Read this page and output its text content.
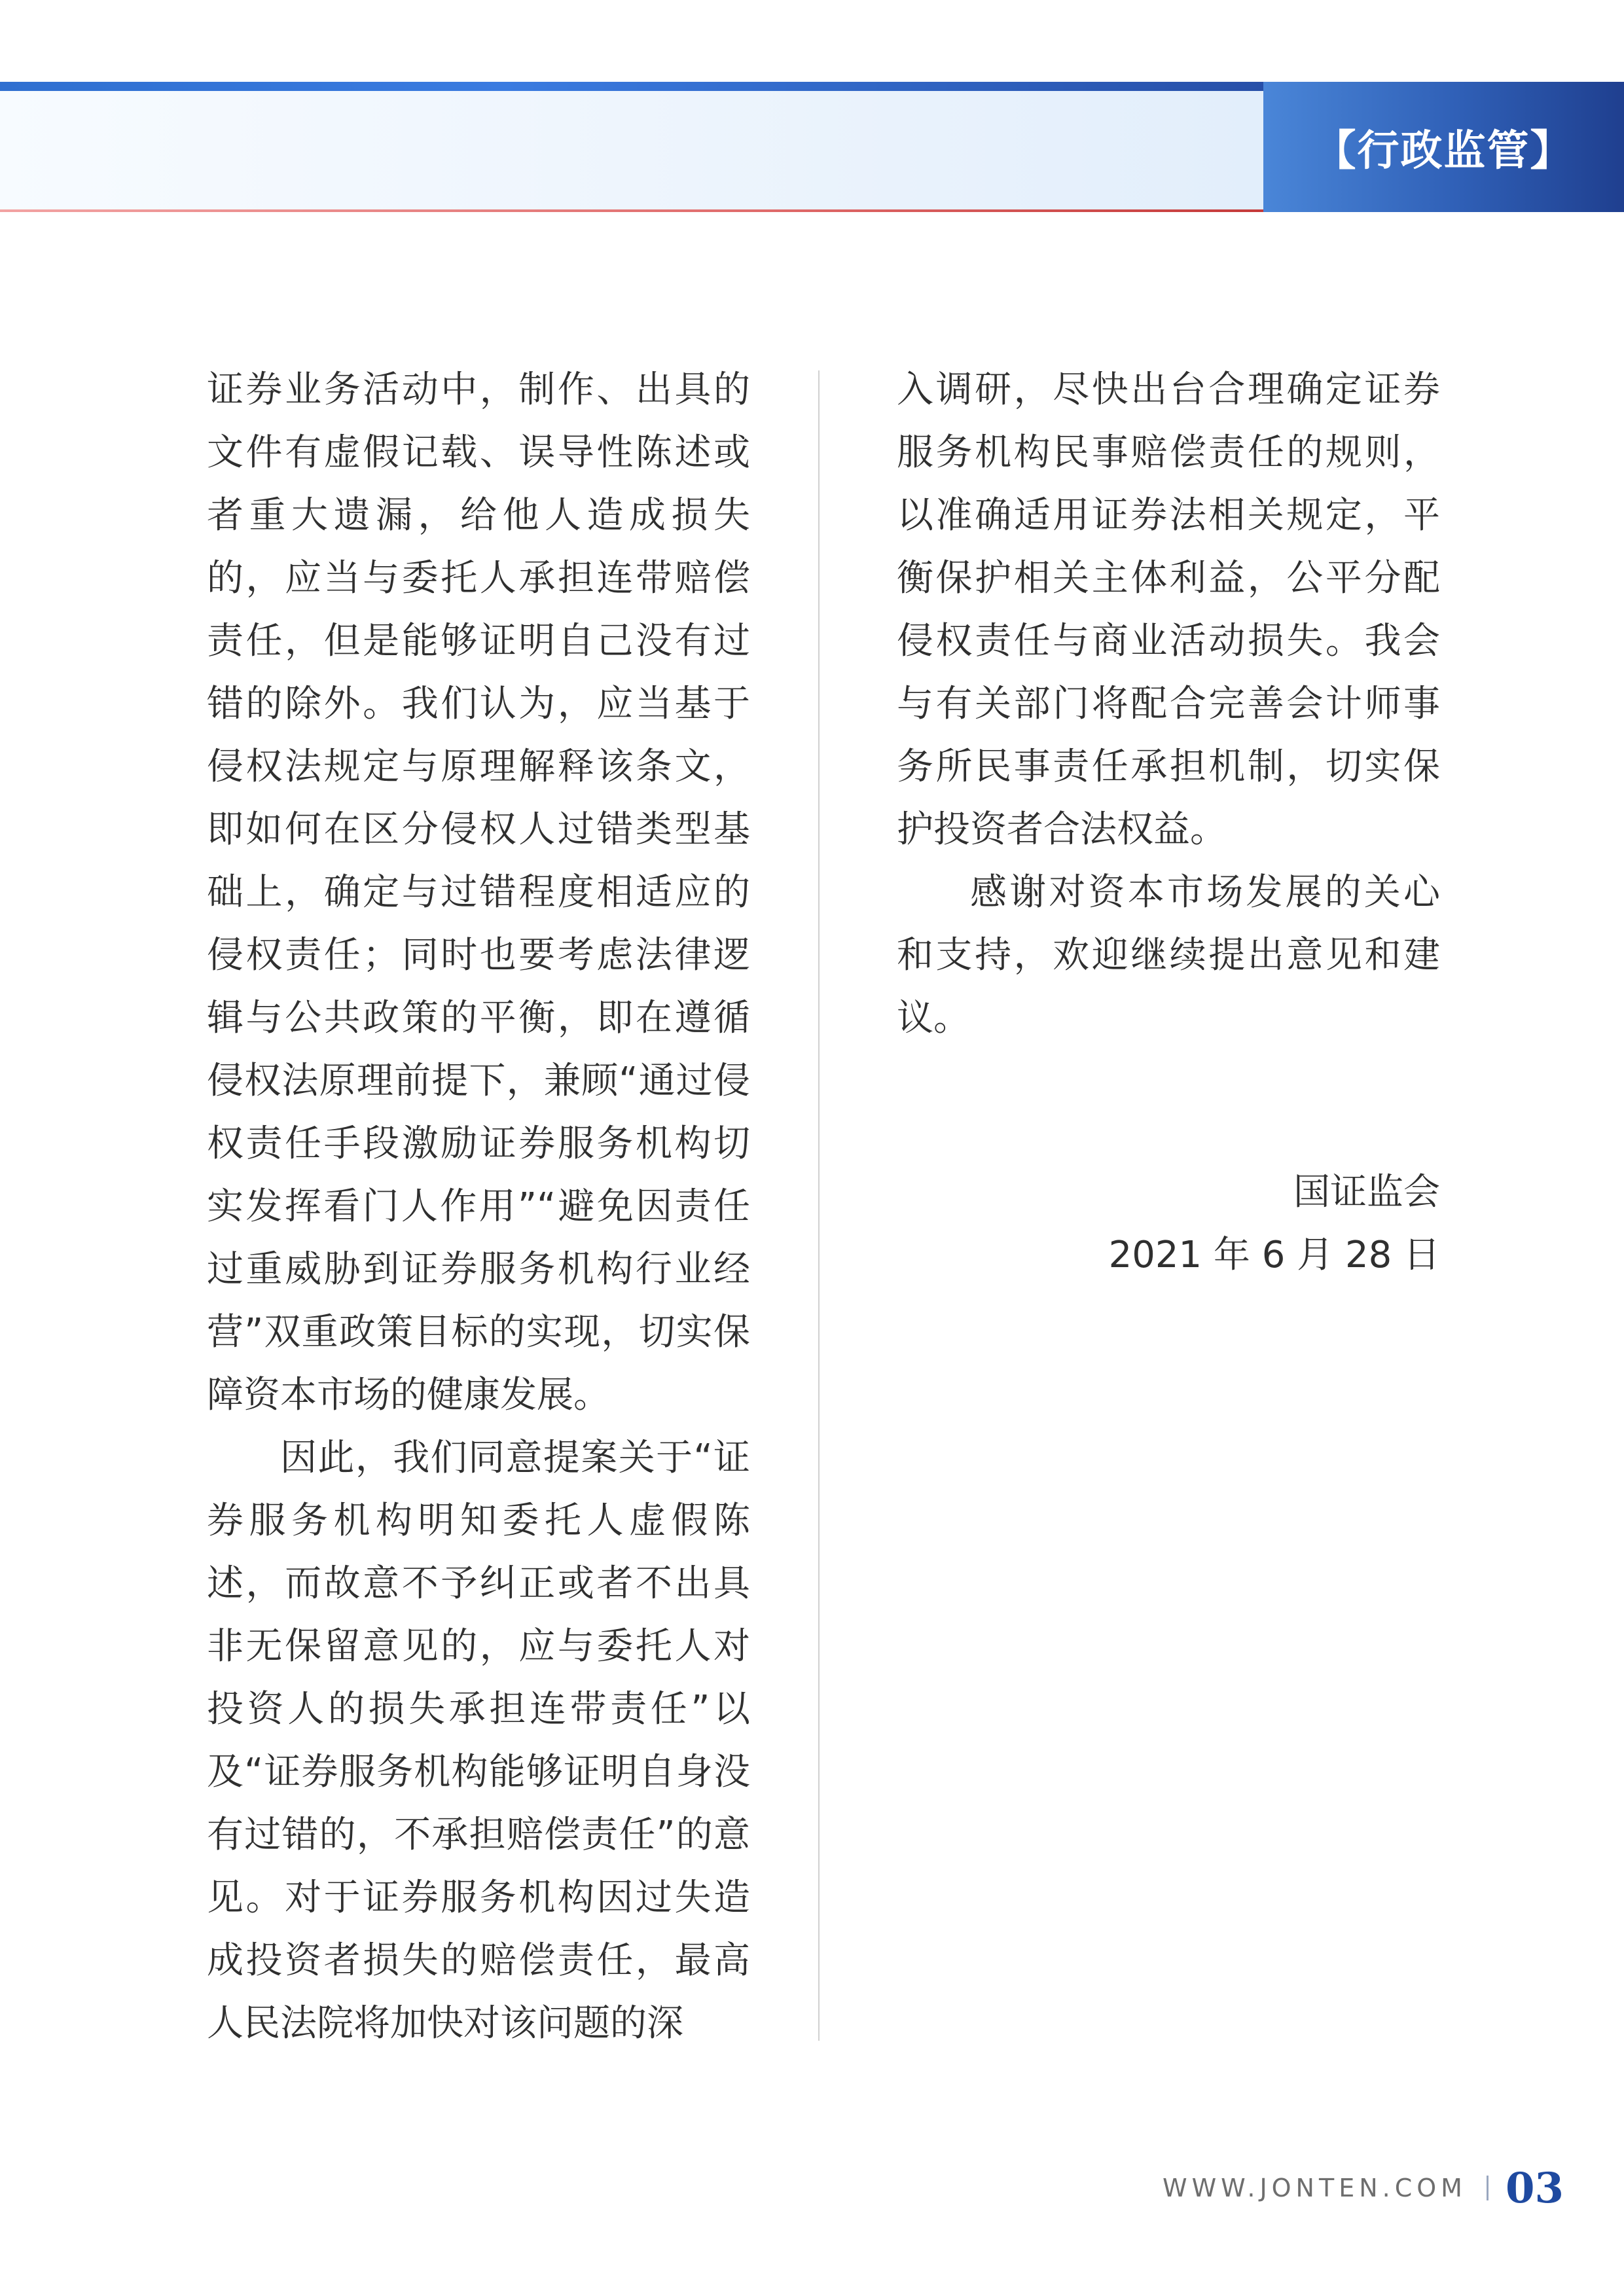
【行政监管】

证券业务活动中，制作、出具的文件有虚假记载、误导性陈述或者重大遗漏，给他人造成损失的，应当与委托人承担连带赔偿责任，但是能够证明自己没有过错的除外。我们认为，应当基于侵权法规定与原理解释该条文，即如何在区分侵权人过错类型基础上，确定与过错程度相适应的侵权责任；同时也要考虑法律逻辑与公共政策的平衡，即在遵循侵权法原理前提下，兼顾“通过侵权责任手段激励证券服务机构切实发挥看门人作用”“避免因责任过重威胁到证券服务机构行业经营”双重政策目标的实现，切实保障资本市场的健康发展。

因此，我们同意提案关于“证券服务机构明知委托人虚假陈述，而故意不予纠正或者不出具非无保留意见的，应与委托人对投资人的损失承担连带责任”以及“证券服务机构能够证明自身没有过错的，不承担赔偿责任”的意见。对于证券服务机构因过失造成投资者损失的赔偿责任，最高人民法院将加快对该问题的深

入调研，尽快出台合理确定证券服务机构民事赔偿责任的规则，以准确适用证券法相关规定，平衡保护相关主体利益，公平分配侵权责任与商业活动损失。我会与有关部门将配合完善会计师事务所民事责任承担机制，切实保护投资者合法权益。

感谢对资本市场发展的关心和支持，欢迎继续提出意见和建议。

国证监会
2021 年 6 月 28 日
WWW.JONTEN.COM 03
